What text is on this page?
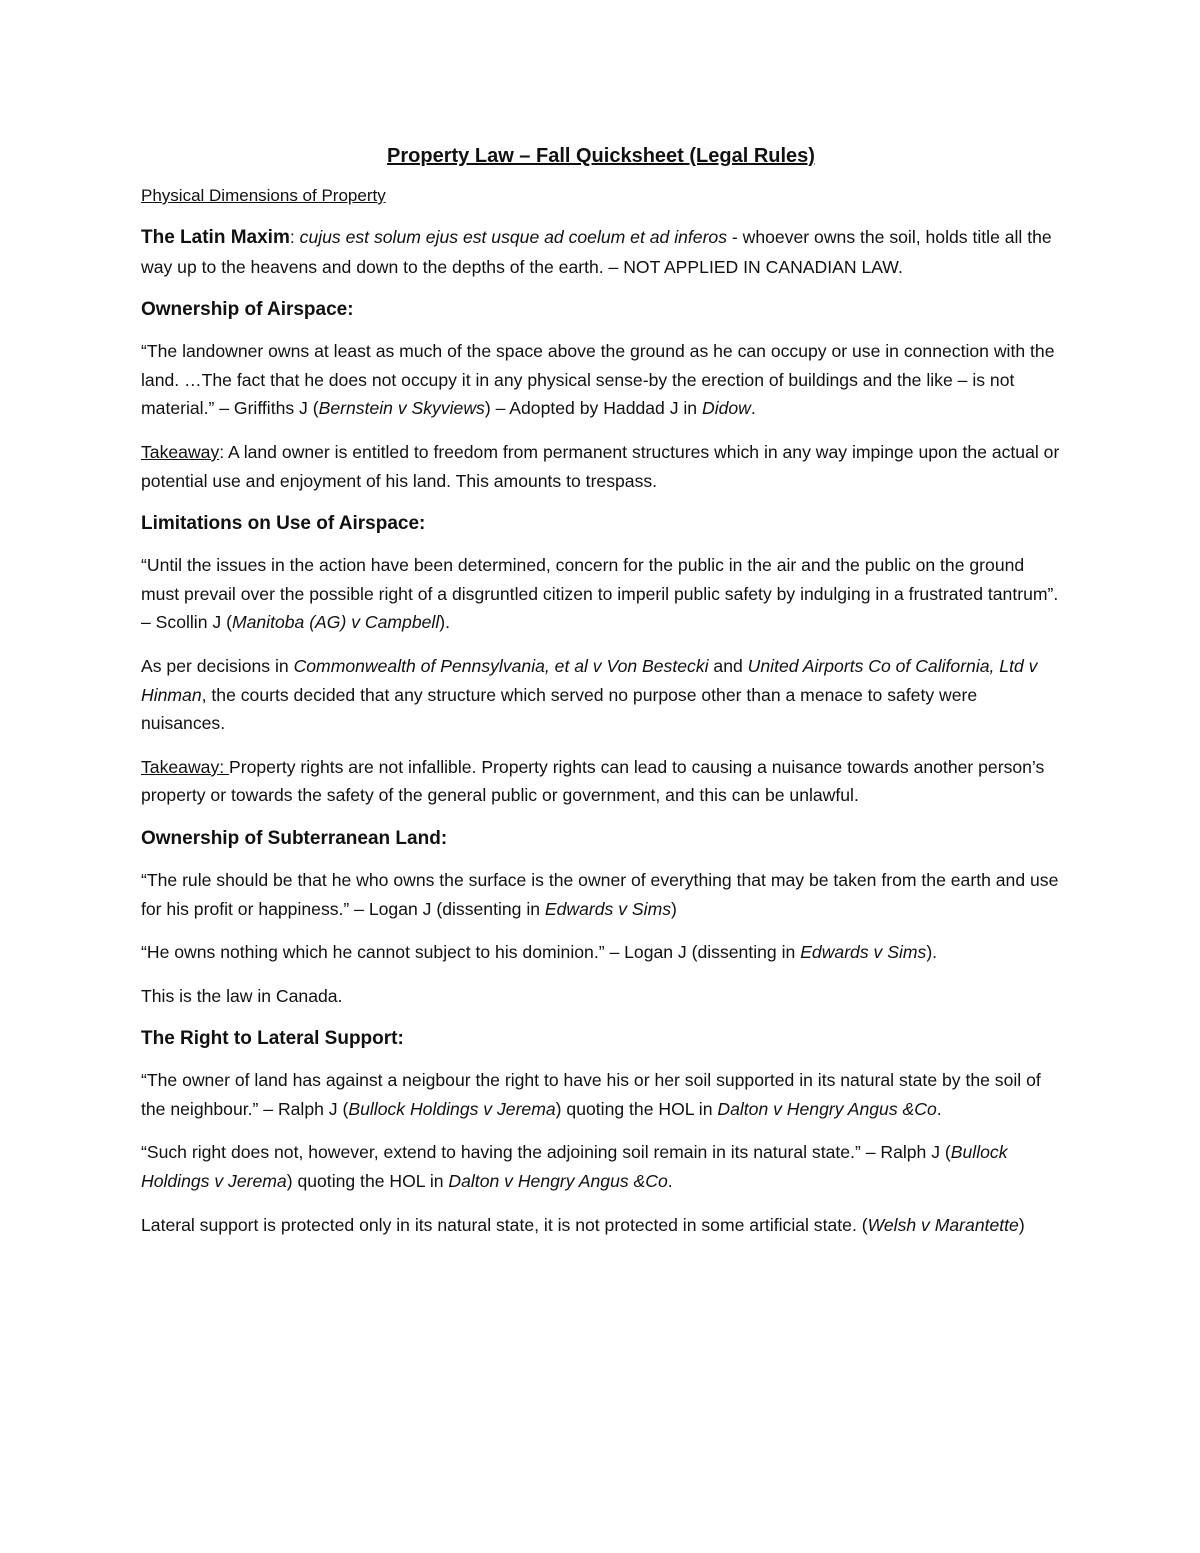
Property Law – Fall Quicksheet (Legal Rules)
Physical Dimensions of Property

The Latin Maxim: cujus est solum ejus est usque ad coelum et ad inferos - whoever owns the soil, holds title all the way up to the heavens and down to the depths of the earth. – NOT APPLIED IN CANADIAN LAW.

Ownership of Airspace:

“The landowner owns at least as much of the space above the ground as he can occupy or use in connection with the land. …The fact that he does not occupy it in any physical sense-by the erection of buildings and the like – is not material.” – Griffiths J (Bernstein v Skyviews) – Adopted by Haddad J in Didow.

Takeaway: A land owner is entitled to freedom from permanent structures which in any way impinge upon the actual or potential use and enjoyment of his land. This amounts to trespass.

Limitations on Use of Airspace:

“Until the issues in the action have been determined, concern for the public in the air and the public on the ground must prevail over the possible right of a disgruntled citizen to imperil public safety by indulging in a frustrated tantrum”. – Scollin J (Manitoba (AG) v Campbell).

As per decisions in Commonwealth of Pennsylvania, et al v Von Bestecki and United Airports Co of California, Ltd v Hinman, the courts decided that any structure which served no purpose other than a menace to safety were nuisances.

Takeaway: Property rights are not infallible. Property rights can lead to causing a nuisance towards another person’s property or towards the safety of the general public or government, and this can be unlawful.

Ownership of Subterranean Land:

“The rule should be that he who owns the surface is the owner of everything that may be taken from the earth and use for his profit or happiness.” – Logan J (dissenting in Edwards v Sims)

“He owns nothing which he cannot subject to his dominion.” – Logan J (dissenting in Edwards v Sims).

This is the law in Canada.

The Right to Lateral Support:

“The owner of land has against a neigbour the right to have his or her soil supported in its natural state by the soil of the neighbour.” – Ralph J (Bullock Holdings v Jerema) quoting the HOL in Dalton v Hengry Angus &Co.

“Such right does not, however, extend to having the adjoining soil remain in its natural state.” – Ralph J (Bullock Holdings v Jerema) quoting the HOL in Dalton v Hengry Angus &Co.

Lateral support is protected only in its natural state, it is not protected in some artificial state. (Welsh v Marantette)
